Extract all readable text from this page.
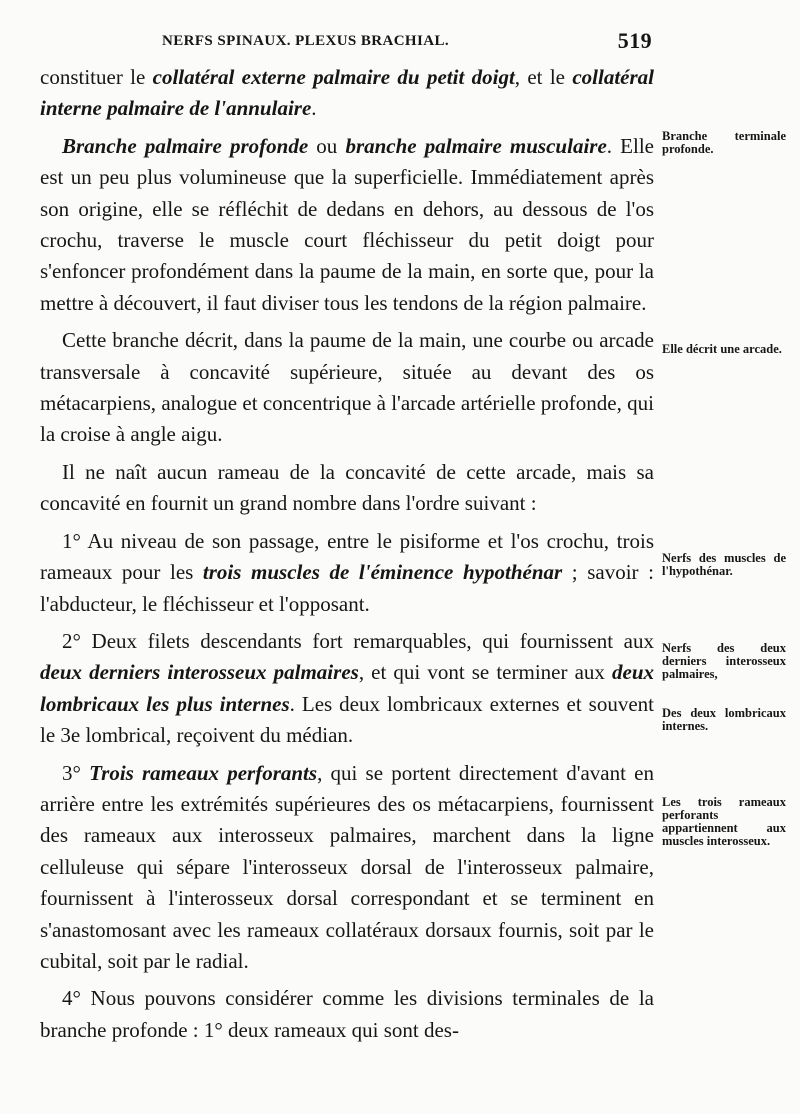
NERFS SPINAUX. PLEXUS BRACHIAL.	519

constituer le collatéral externe palmaire du petit doigt, et le collatéral interne palmaire de l'annulaire.

Branche palmaire profonde ou branche palmaire musculaire. Elle est un peu plus volumineuse que la superficielle. Immédiatement après son origine, elle se réfléchit de dedans en dehors, au dessous de l'os crochu, traverse le muscle court fléchisseur du petit doigt pour s'enfoncer profondément dans la paume de la main, en sorte que, pour la mettre à découvert, il faut diviser tous les tendons de la région palmaire.

Cette branche décrit, dans la paume de la main, une courbe ou arcade transversale à concavité supérieure, située au devant des os métacarpiens, analogue et concentrique à l'arcade artérielle profonde, qui la croise à angle aigu.

Il ne naît aucun rameau de la concavité de cette arcade, mais sa concavité en fournit un grand nombre dans l'ordre suivant :

1° Au niveau de son passage, entre le pisiforme et l'os crochu, trois rameaux pour les trois muscles de l'éminence hypothénar ; savoir : l'abducteur, le fléchisseur et l'opposant.

2° Deux filets descendants fort remarquables, qui fournissent aux deux derniers interosseux palmaires, et qui vont se terminer aux deux lombricaux les plus internes. Les deux lombricaux externes et souvent le 3e lombrical, reçoivent du médian.

3° Trois rameaux perforants, qui se portent directement d'avant en arrière entre les extrémités supérieures des os métacarpiens, fournissent des rameaux aux interosseux palmaires, marchent dans la ligne celluleuse qui sépare l'interosseux dorsal de l'interosseux palmaire, fournissent à l'interosseux dorsal correspondant et se terminent en s'anastomosant avec les rameaux collatéraux dorsaux fournis, soit par le cubital, soit par le radial.

4° Nous pouvons considérer comme les divisions terminales de la branche profonde : 1° deux rameaux qui sont des-

Branche terminale profonde.
Elle décrit une arcade.
Nerfs des muscles de l'hypothénar.
Nerfs des deux derniers interosseux palmaires,
Des deux lombricaux internes.
Les trois rameaux perforants appartiennent aux muscles interosseux.
